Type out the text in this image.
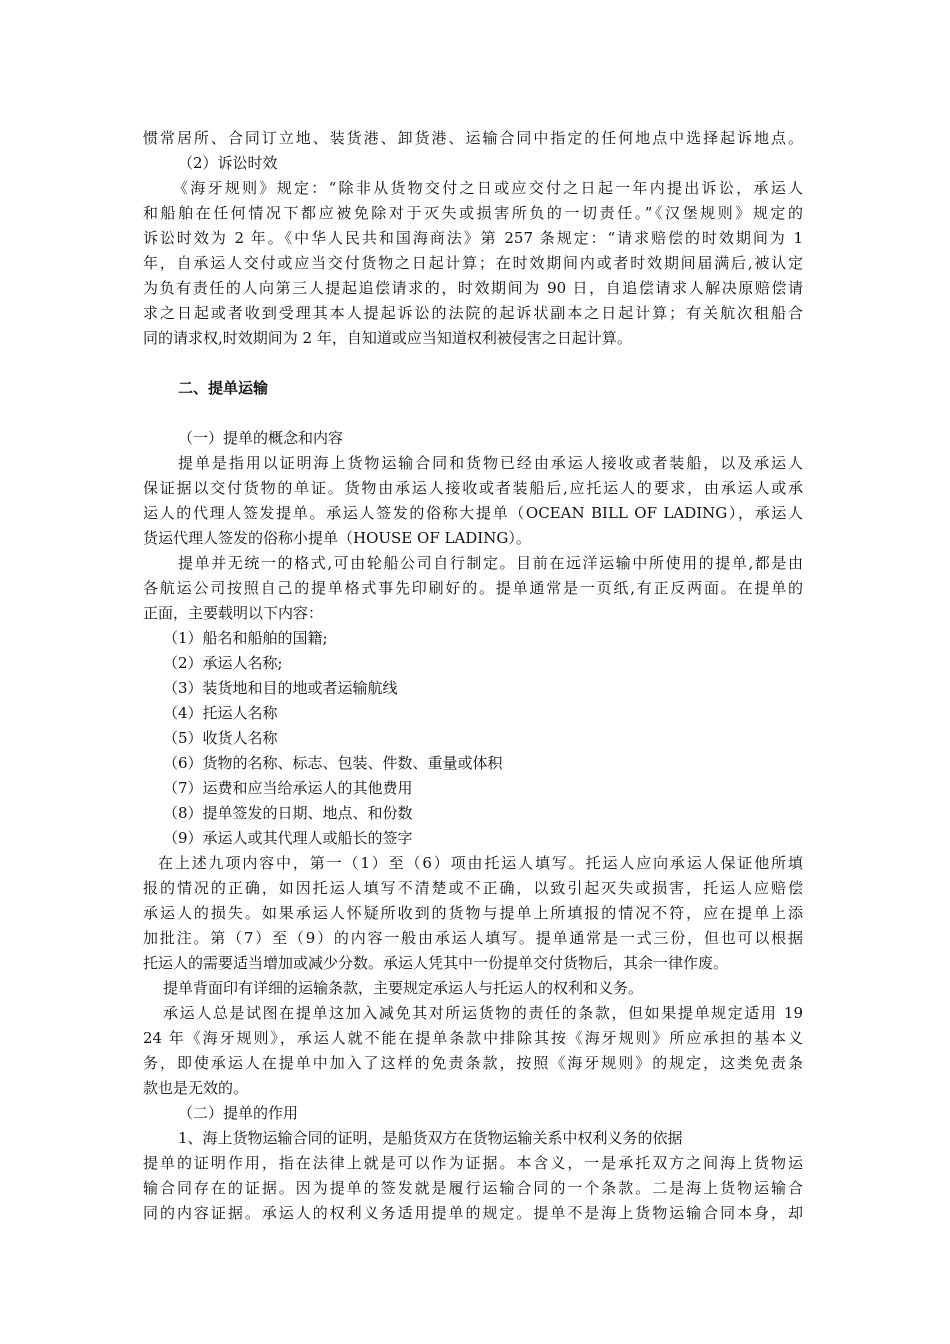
惯常居所、合同订立地、装货港、卸货港、运输合同中指定的任何地点中选择起诉地点。
（2）诉讼时效
《海牙规则》规定：“除非从货物交付之日或应交付之日起一年内提出诉讼，承运人
和船舶在任何情况下都应被免除对于灭失或损害所负的一切责任。”《汉堡规则》规定的
诉讼时效为 2 年。《中华人民共和国海商法》第 257 条规定：“请求赔偿的时效期间为 1
年，自承运人交付或应当交付货物之日起计算；在时效期间内或者时效期间届满后,被认定
为负有责任的人向第三人提起追偿请求的，时效期间为 90 日，自追偿请求人解决原赔偿请
求之日起或者收到受理其本人提起诉讼的法院的起诉状副本之日起计算；有关航次租船合
同的请求权,时效期间为 2 年，自知道或应当知道权利被侵害之日起计算。
二、提单运输
（一）提单的概念和内容
提单是指用以证明海上货物运输合同和货物已经由承运人接收或者装船，以及承运人
保证据以交付货物的单证。货物由承运人接收或者装船后,应托运人的要求，由承运人或承
运人的代理人签发提单。承运人签发的俗称大提单（OCEAN BILL OF LADING），承运人
货运代理人签发的俗称小提单（HOUSE OF LADING）。
提单并无统一的格式,可由轮船公司自行制定。目前在远洋运输中所使用的提单,都是由
各航运公司按照自己的提单格式事先印刷好的。提单通常是一页纸,有正反两面。在提单的
正面，主要载明以下内容：
（1）船名和船舶的国籍;
（2）承运人名称;
（3）装货地和目的地或者运输航线
（4）托运人名称
（5）收货人名称
（6）货物的名称、标志、包装、件数、重量或体积
（7）运费和应当给承运人的其他费用
（8）提单签发的日期、地点、和份数
（9）承运人或其代理人或船长的签字
在上述九项内容中，第一（1）至（6）项由托运人填写。托运人应向承运人保证他所填
报的情况的正确，如因托运人填写不清楚或不正确，以致引起灭失或损害，托运人应赔偿
承运人的损失。如果承运人怀疑所收到的货物与提单上所填报的情况不符，应在提单上添
加批注。第（7）至（9）的内容一般由承运人填写。提单通常是一式三份，但也可以根据
托运人的需要适当增加或减少分数。承运人凭其中一份提单交付货物后，其余一律作废。
提单背面印有详细的运输条款，主要规定承运人与托运人的权利和义务。
承运人总是试图在提单这加入减免其对所运货物的责任的条款，但如果提单规定适用 19
24 年《海牙规则》，承运人就不能在提单条款中排除其按《海牙规则》所应承担的基本义
务，即使承运人在提单中加入了这样的免责条款，按照《海牙规则》的规定，这类免责条
款也是无效的。
（二）提单的作用
1、海上货物运输合同的证明，是船货双方在货物运输关系中权利义务的依据
提单的证明作用，指在法律上就是可以作为证据。本含义，一是承托双方之间海上货物运
输合同存在的证据。因为提单的签发就是履行运输合同的一个条款。二是海上货物运输合
同的内容证据。承运人的权利义务适用提单的规定。提单不是海上货物运输合同本身，却
